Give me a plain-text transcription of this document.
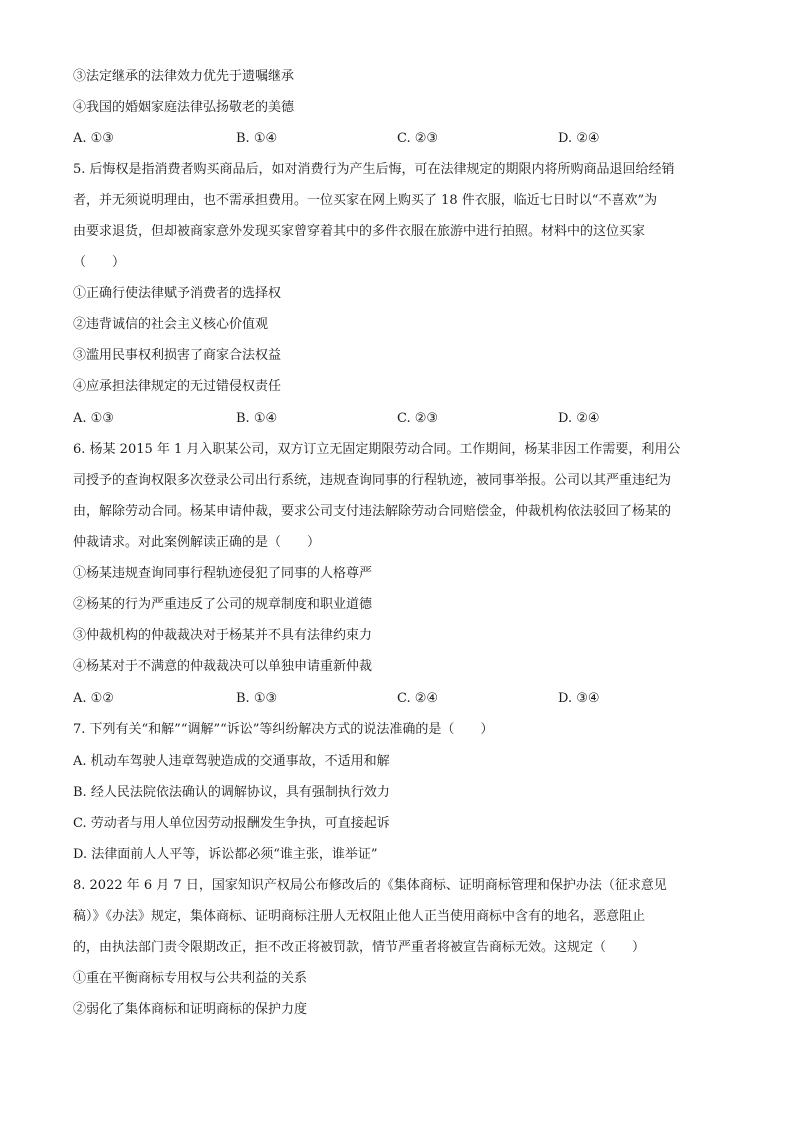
③法定继承的法律效力优先于遗嘱继承
④我国的婚姻家庭法律弘扬敬老的美德
A. ①③	B. ①④	C. ②③	D. ②④
5. 后悔权是指消费者购买商品后，如对消费行为产生后悔，可在法律规定的期限内将所购商品退回给经销
者，并无须说明理由，也不需承担费用。一位买家在网上购买了 18 件衣服，临近七日时以“不喜欢”为
由要求退货，但却被商家意外发现买家曾穿着其中的多件衣服在旅游中进行拍照。材料中的这位买家
（　　）
①正确行使法律赋予消费者的选择权
②违背诚信的社会主义核心价值观
③滥用民事权利损害了商家合法权益
④应承担法律规定的无过错侵权责任
A. ①③	B. ①④	C. ②③	D. ②④
6. 杨某 2015 年 1 月入职某公司，双方订立无固定期限劳动合同。工作期间，杨某非因工作需要，利用公
司授予的查询权限多次登录公司出行系统，违规查询同事的行程轨迹，被同事举报。公司以其严重违纪为
由，解除劳动合同。杨某申请仲裁，要求公司支付违法解除劳动合同赔偿金，仲裁机构依法驳回了杨某的
仲裁请求。对此案例解读正确的是（　　）
①杨某违规查询同事行程轨迹侵犯了同事的人格尊严
②杨某的行为严重违反了公司的规章制度和职业道德
③仲裁机构的仲裁裁决对于杨某并不具有法律约束力
④杨某对于不满意的仲裁裁决可以单独申请重新仲裁
A. ①②	B. ①③	C. ②④	D. ③④
7. 下列有关“和解”“调解”“诉讼”等纠纷解决方式的说法准确的是（　　）
A. 机动车驾驶人违章驾驶造成的交通事故，不适用和解
B. 经人民法院依法确认的调解协议，具有强制执行效力
C. 劳动者与用人单位因劳动报酬发生争执，可直接起诉
D. 法律面前人人平等，诉讼都必须“谁主张，谁举证”
8. 2022 年 6 月 7 日，国家知识产权局公布修改后的《集体商标、证明商标管理和保护办法（征求意见
稿）》《办法》规定，集体商标、证明商标注册人无权阻止他人正当使用商标中含有的地名，恶意阻止
的，由执法部门责令限期改正，拒不改正将被罚款，情节严重者将被宣告商标无效。这规定（　　）
①重在平衡商标专用权与公共利益的关系
②弱化了集体商标和证明商标的保护力度
